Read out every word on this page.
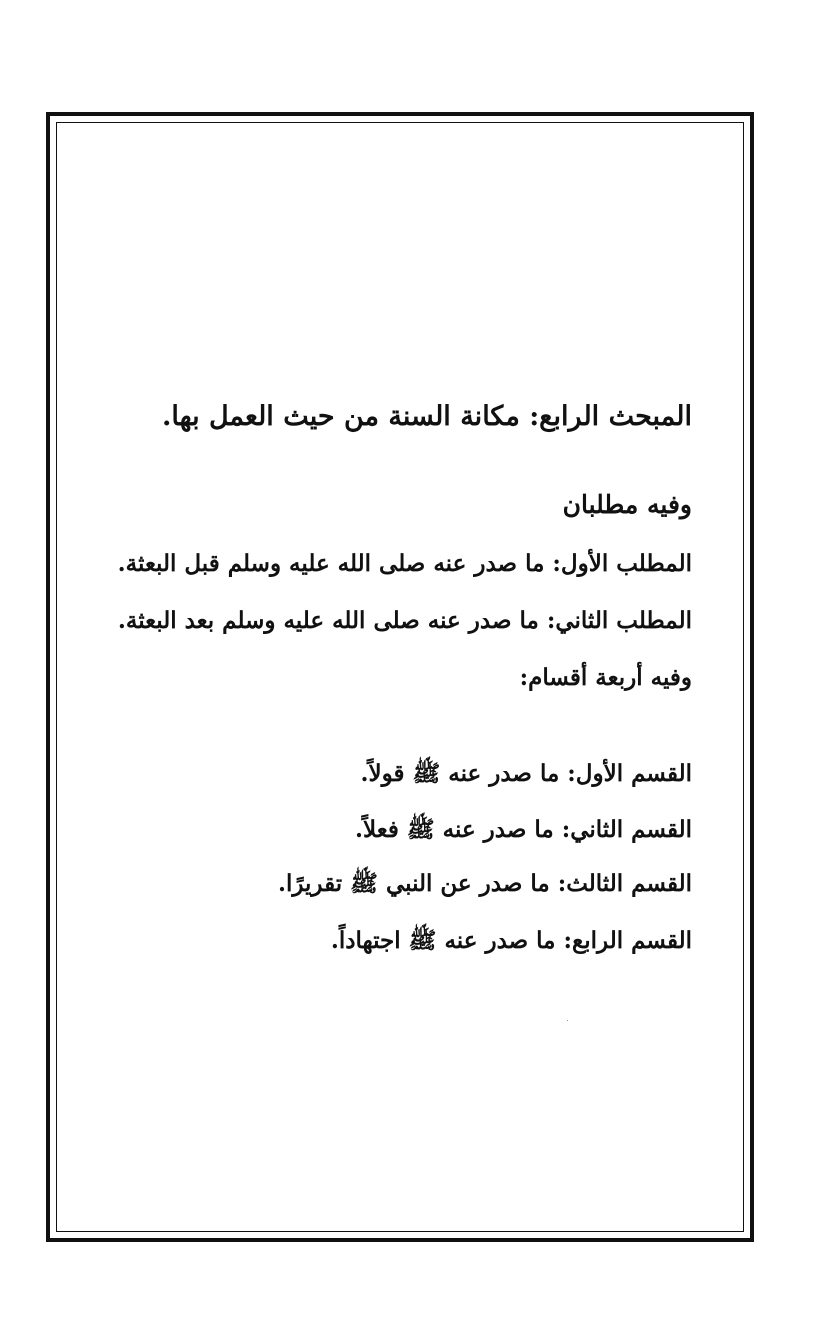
المبحث الرابع: مكانة السنة من حيث العمل بها.
وفيه مطلبان
المطلب الأول: ما صدر عنه صلى الله عليه وسلم قبل البعثة.
المطلب الثاني: ما صدر عنه صلى الله عليه وسلم بعد البعثة.
وفيه أربعة أقسام:
القسم الأول: ما صدر عنه ﷺ قولاً.
القسم الثاني: ما صدر عنه ﷺ فعلاً.
القسم الثالث: ما صدر عن النبي ﷺ تقريرًا.
القسم الرابع: ما صدر عنه ﷺ اجتهاداً.
